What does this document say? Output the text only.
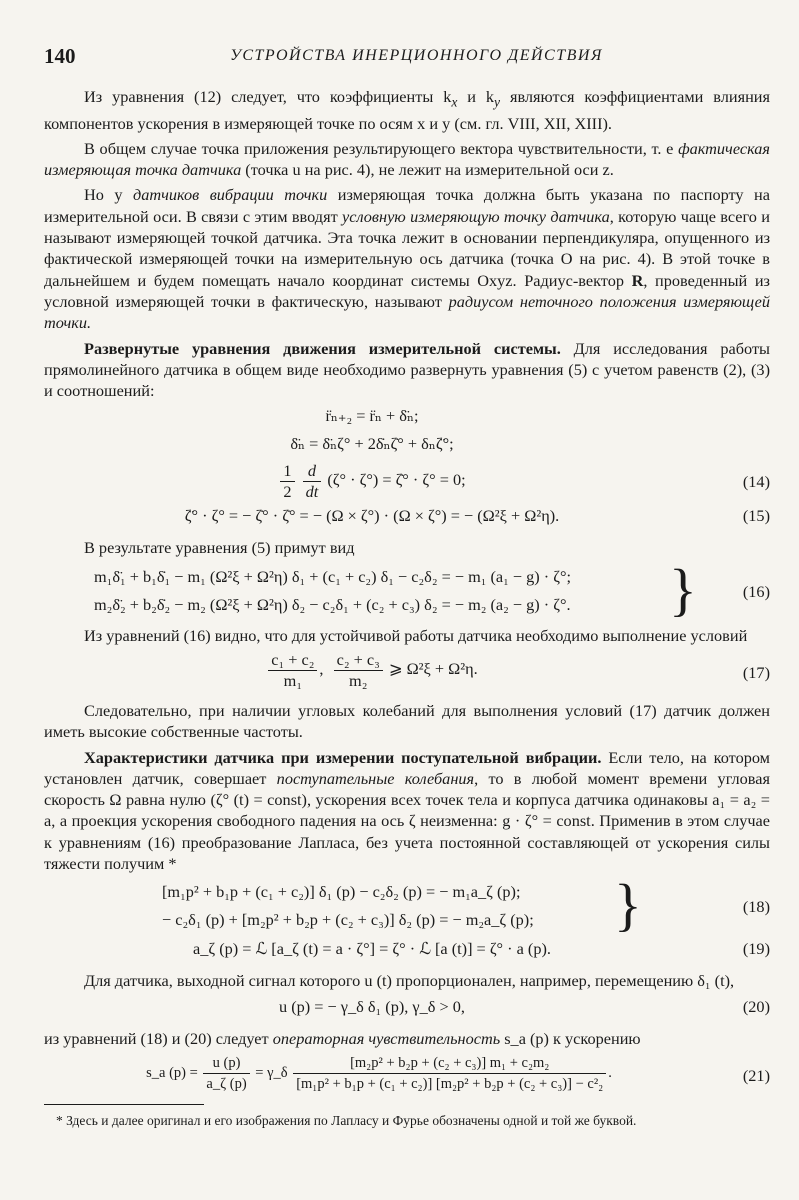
140	УСТРОЙСТВА ИНЕРЦИОННОГО ДЕЙСТВИЯ

Из уравнения (12) следует, что коэффициенты $k_x$ и $k_y$ являются коэффициентами влияния компонентов ускорения в измеряющей точке по осям x и y (см. гл. VIII, XII, XIII).

В общем случае точка приложения результирующего вектора чувствительности, т. е фактическая измеряющая точка датчика (точка u на рис. 4), не лежит на измерительной оси z.

Но у датчиков вибрации точки измеряющая точка должна быть указана по паспорту на измерительной оси. В связи с этим вводят условную измеряющую точку датчика, которую чаще всего и называют измеряющей точкой датчика. Эта точка лежит в основании перпендикуляра, опущенного из фактической измеряющей точки на измерительную ось датчика (точка O на рис. 4). В этой точке в дальнейшем и будем помещать начало координат системы Oxyz. Радиус-вектор R, проведенный из условной измеряющей точки в фактическую, называют радиусом неточного положения измеряющей точки.

Развернутые уравнения движения измерительной системы. Для исследования работы прямолинейного датчика в общем виде необходимо развернуть уравнения (5) с учетом равенств (2), (3) и соотношений:

r̈ₙ₊₂ = r̈ₙ + δ̈ₙ;
δ̈ₙ = δ̈ₙζ° + 2δ̇ₙζ̇° + δₙζ̈°;
$\frac{1}{2}$
$\frac{d}{dt} (\zeta^\circ \cdot \zeta^\circ)$ = ζ̇° · ζ° = 0;	(14)
ζ̈° · ζ° = − ζ̇° · ζ̇° = − (Ω × ζ°) · (Ω × ζ°) = − (Ω²ξ + Ω²η).	(15)

В результате уравнения (5) примут вид

m₁δ̈₁ + b₁δ̇₁ − m₁ (Ω²ξ + Ω²η) δ₁ + (c₁ + c₂) δ₁ − c₂δ₂ = − m₁ (a₁ − g) · ζ°;
m₂δ̈₂ + b₂δ̇₂ − m₂ (Ω²ξ + Ω²η) δ₂ − c₂δ₁ + (c₂ + c₃) δ₂ = − m₂ (a₂ − g) · ζ°. }	(16)

Из уравнений (16) видно, что для устойчивой работы датчика необходимо выполнение условий

$\frac{\text{c₁ + c₂}}{\text{m₁}}$ , $\frac{\text{c₂ + c₃}}{\text{m₂}}$ ⩾ Ω²ξ + Ω²η.	(17)

Следовательно, при наличии угловых колебаний для выполнения условий (17) датчик должен иметь высокие собственные частоты.

Характеристики датчика при измерении поступательной вибрации. Если тело, на котором установлен датчик, совершает поступательные колебания, то в любой момент времени угловая скорость Ω равна нулю (ζ° (t) = const), ускорения всех точек тела и корпуса датчика одинаковы a₁ = a₂ = a, а проекция ускорения свободного падения на ось ζ неизменна: g · ζ° = const. Применив в этом случае к уравнениям (16) преобразование Лапласа, без учета постоянной составляющей от ускорения силы тяжести получим *

[m₁p² + b₁p + (c₁ + c₂)] δ₁ (p) − c₂δ₂ (p) = − m₁a_ζ (p);
− c₂δ₁ (p) + [m₂p² + b₂p + (c₂ + c₃)] δ₂ (p) = − m₂a_ζ (p); }	(18)
a_ζ (p) = ℒ [a_ζ (t) = a · ζ°] = ζ° · ℒ [a (t)] = ζ° · a (p).	(19)

Для датчика, выходной сигнал которого u (t) пропорционален, например, перемещению δ₁ (t),

u (p) = − γ_δ δ₁ (p), γ_δ > 0,	(20)

из уравнений (18) и (20) следует операторная чувствительность s_a (p) к ускорению

s_a $(p) = \frac{u (p)}{a\_\zeta (p)}$ = γ_δ $\frac{\text{[m₂p² + b₂p + (c₂ + c₃)] m₁ + c₂m₂}}{\text{[m₁p² + b₁p + (c₁ + c₂)] [m₂p² + b₂p + (c₂ + c₃)] − c²₂}}$ .	(21)
* Здесь и далее оригинал и его изображения по Лапласу и Фурье обозначены одной и той же буквой.
